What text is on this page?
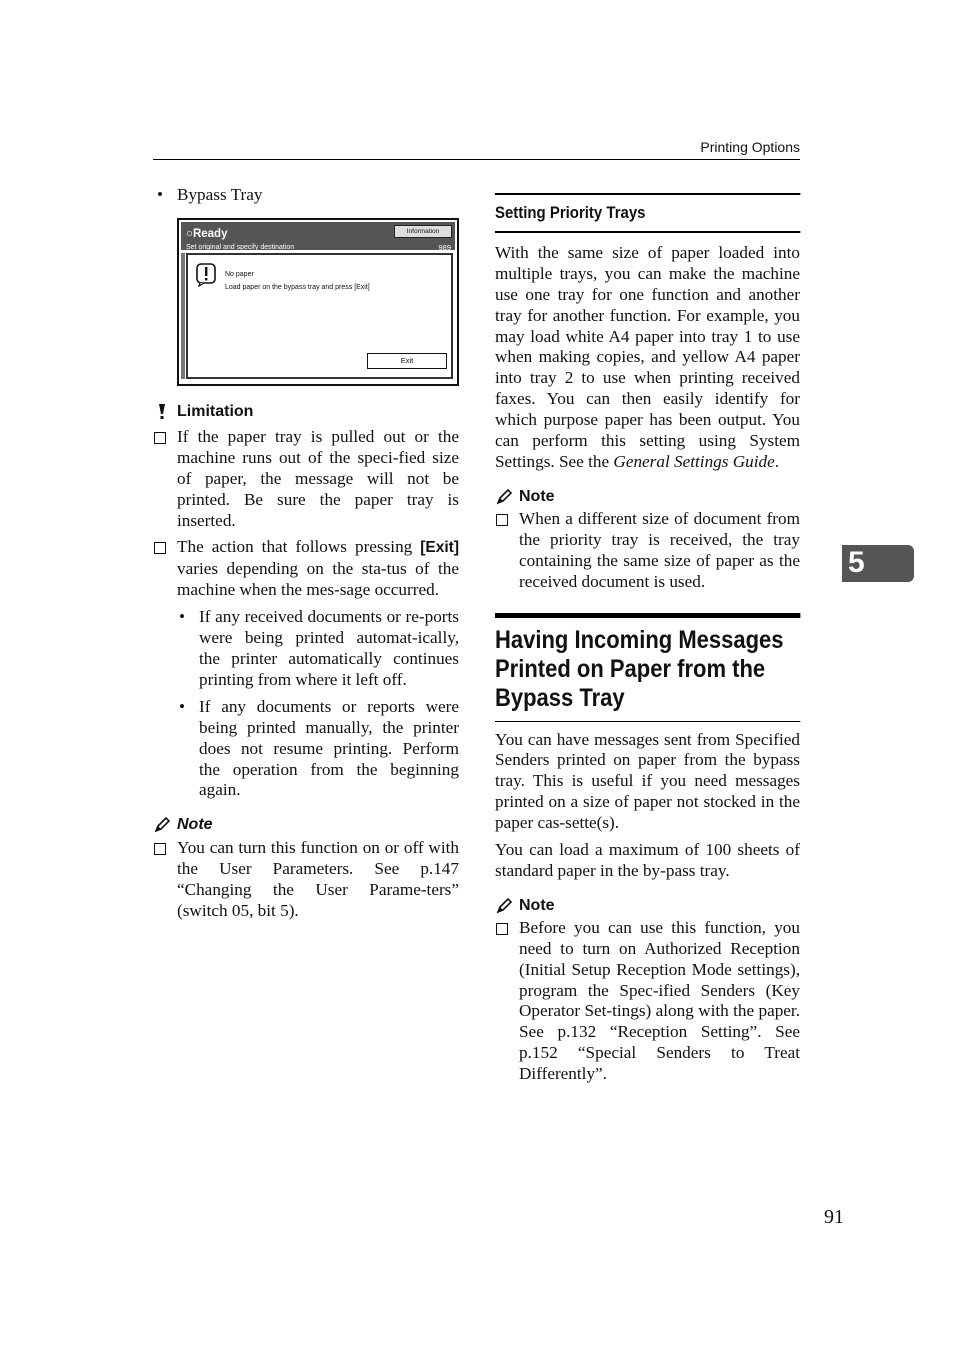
Printing Options
• Bypass Tray
○Ready
Set original and specify destination
Information
989
No paper
Load paper on the bypass tray and press [Exit]
Exit
Limitation

If the paper tray is pulled out or the machine runs out of the speci-fied size of paper, the message will not be printed. Be sure the paper tray is inserted.

The action that follows pressing [Exit] varies depending on the sta-tus of the machine when the mes-sage occurred.

• If any received documents or re-ports were being printed automat-ically, the printer automatically continues printing from where it left off.

• If any documents or reports were being printed manually, the printer does not resume printing. Perform the operation from the beginning again.

Note

You can turn this function on or off with the User Parameters. See p.147 “Changing the User Parame-ters” (switch 05, bit 5).

Setting Priority Trays

With the same size of paper loaded into multiple trays, you can make the machine use one tray for one function and another tray for another function. For example, you may load white A4 paper into tray 1 to use when making copies, and yellow A4 paper into tray 2 to use when printing received faxes. You can then easily identify for which purpose paper has been output. You can perform this setting using System Settings. See the General Settings Guide.

Note

When a different size of document from the priority tray is received, the tray containing the same size of paper as the received document is used.

Having Incoming Messages Printed on Paper from the Bypass Tray

You can have messages sent from Specified Senders printed on paper from the bypass tray. This is useful if you need messages printed on a size of paper not stocked in the paper cas-sette(s).

You can load a maximum of 100 sheets of standard paper in the by-pass tray.

Note

Before you can use this function, you need to turn on Authorized Reception (Initial Setup Reception Mode settings), program the Spec-ified Senders (Key Operator Set-tings) along with the paper. See p.132 “Reception Setting”. See p.152 “Special Senders to Treat Differently”.

5
91
